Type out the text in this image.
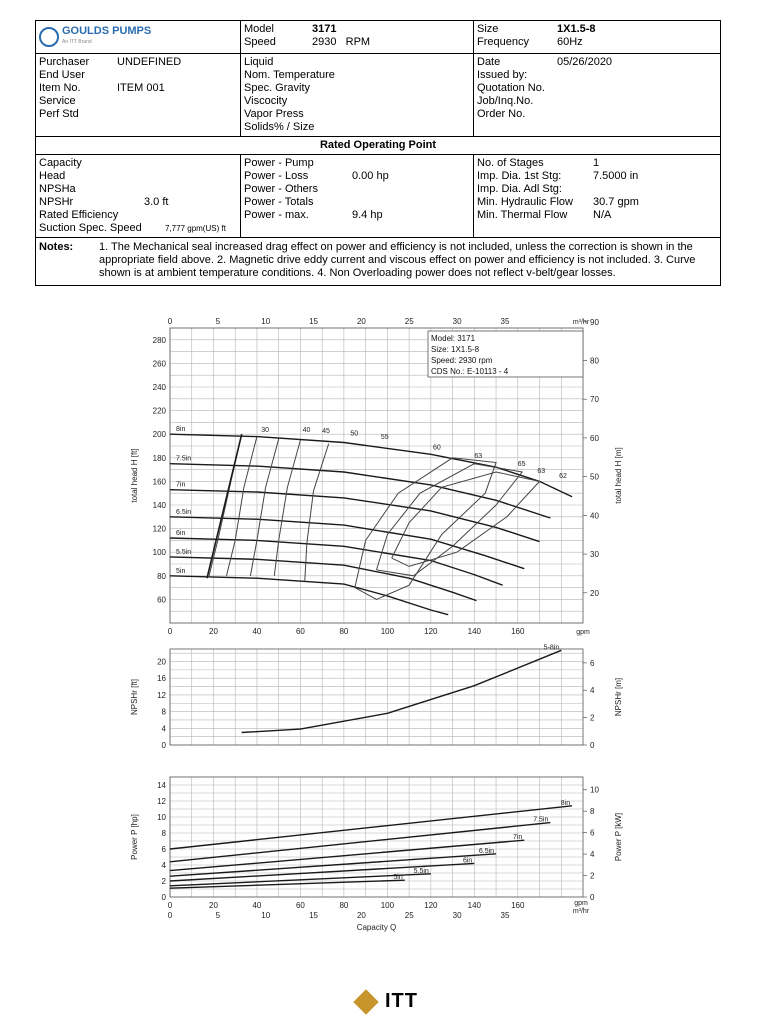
GOULDS PUMPS
An ITT Brand
Model	3171
Speed	2930 RPM
Size	1X1.5-8
Frequency	60Hz
Purchaser	UNDEFINED
End User
Item No.	ITEM 001
Service
Perf Std
Liquid
Nom. Temperature
Spec. Gravity
Viscocity
Vapor Press
Solids% / Size
Date	05/26/2020
Issued by:
Quotation No.
Job/Inq.No.
Order No.
Rated Operating Point
Capacity
Head
NPSHa
NPSHr	3.0 ft
Rated Efficiency
Suction Spec. Speed	7,777 gpm(US) ft
Power - Pump
Power - Loss	0.00 hp
Power - Others
Power - Totals
Power - max.	9.4 hp
No. of Stages	1
Imp. Dia. 1st Stg:	7.5000 in
Imp. Dia. Adl Stg:
Min. Hydraulic Flow 30.7 gpm
Min. Thermal Flow N/A
Notes:	1. The Mechanical seal increased drag effect on power and efficiency is not included, unless the correction is shown in the appropriate field above. 2. Magnetic drive eddy current and viscous effect on power and efficiency is not included. 3. Curve shown is at ambient temperature conditions. 4. Non Overloading power does not reflect v-belt/gear losses.
60
80
100
120
140
160
180
200
220
240
260
280
20
30
40
50
60
70
80
90
total head H [ft]	total head H [m]
0	20	40	60	80	100	120	140	160
0	5	10	15	20	25	30	35	m³/hr
gpm
8in
7.5in
7in
6.5in
6in
5.5in
5in
30	40 45	50
55
60
63
65
63
62
Model: 3171
Size: 1X1.5-8
Speed: 2930 rpm
CDS No.: E-10113 - 4
0
4
8
12
16
20
0
2
4
6
NPSHr [ft]	NPSHr [m]
5-8in
0
2
4
6
8
10
12
14
0
2
4
6
8
10
Power P [hp]	Power P [kW]
0	20	40	60	80	100	120	140	160
0	5	10	15	20	25	30	35
gpm
m³/hr
Capacity Q
8in
7.5in
7in
6.5in
6in
5.5in
5in
ITT
